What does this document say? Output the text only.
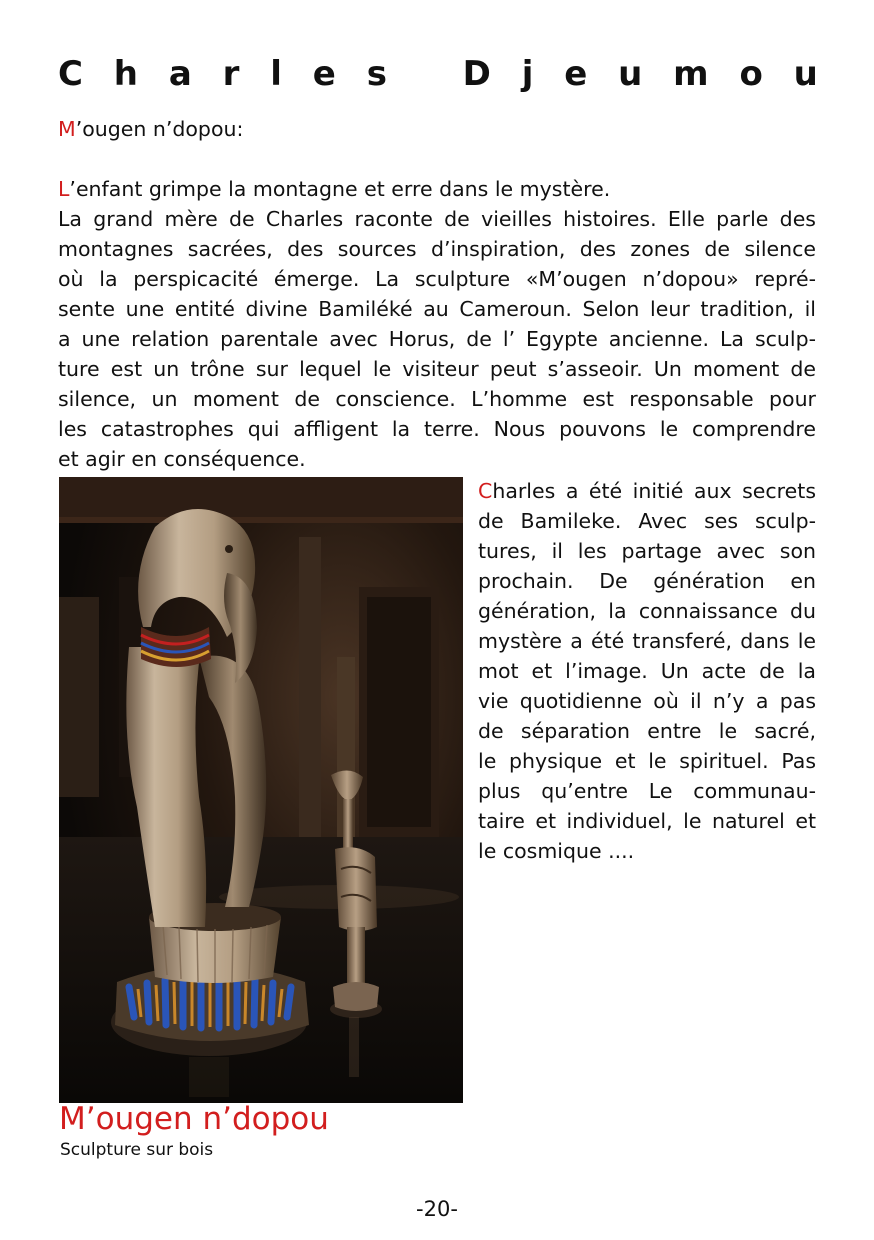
C h a r l e s D j e u m o u

M’ougen n’dopou:

L’enfant grimpe la montagne et erre dans le mystère.
La grand mère de Charles raconte de vieilles histoires. Elle parle des
montagnes sacrées, des sources d’inspiration, des zones de silence
où la perspicacité émerge. La sculpture «M’ougen n’dopou» repré-
sente une entité divine Bamiléké au Cameroun. Selon leur tradition, il
a une relation parentale avec Horus, de l’ Egypte ancienne. La sculp-
ture est un trône sur lequel le visiteur peut s’asseoir. Un moment de
silence, un moment de conscience. L’homme est responsable pour
les catastrophes qui affligent la terre. Nous pouvons le comprendre
et agir en conséquence.
Charles a été initié aux secrets
de Bamileke. Avec ses sculp-
tures, il les partage avec son
prochain. De génération en
génération, la connaissance du
mystère a été transferé, dans le
mot et l’image. Un acte de la
vie quotidienne où il n’y a pas
de séparation entre le sacré,
le physique et le spirituel. Pas
plus qu’entre Le communau-
taire et individuel, le naturel et
le cosmique ....
M’ougen n’dopou
Sculpture sur bois
-20-
